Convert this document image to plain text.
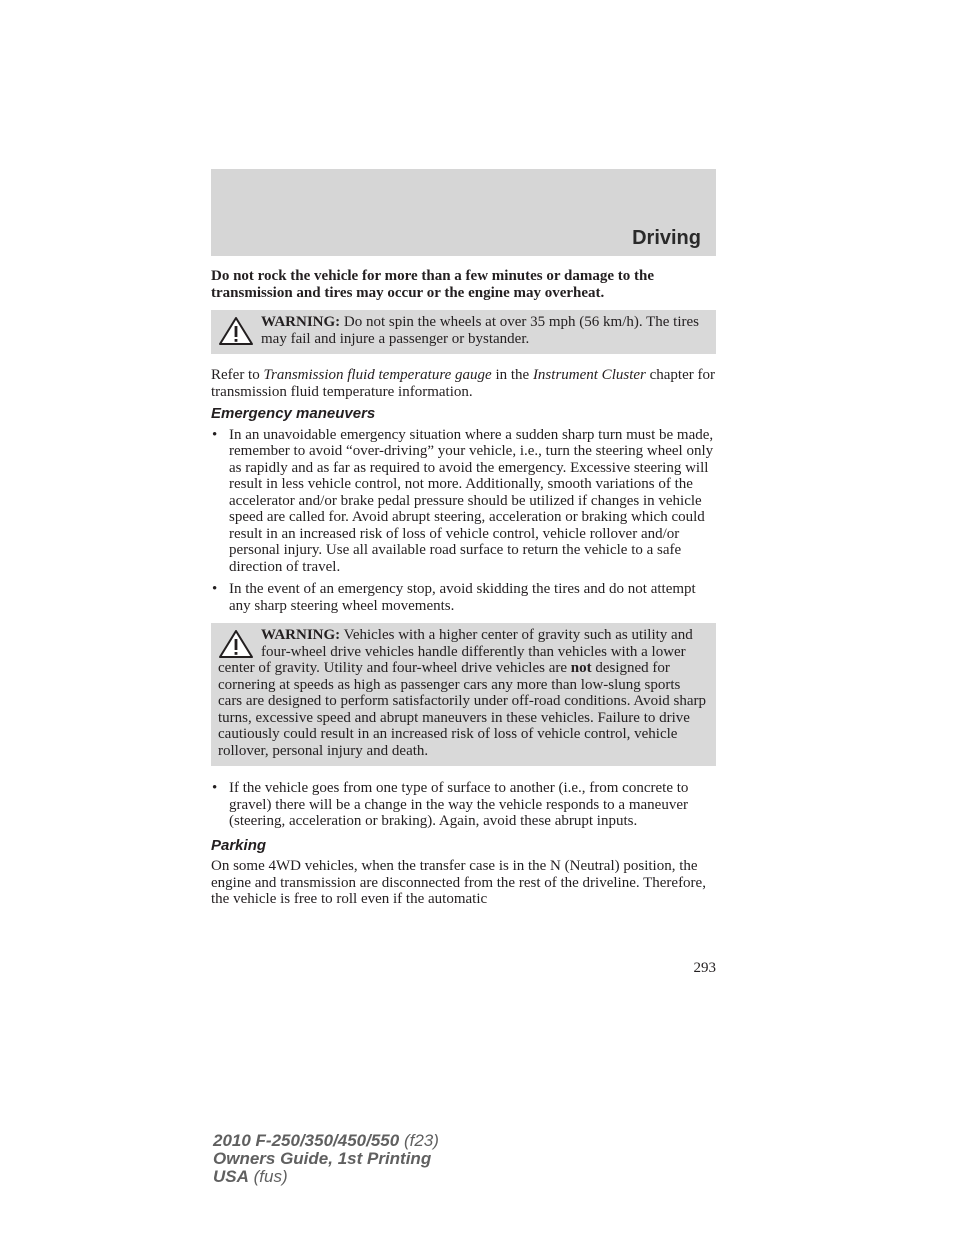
Driving

Do not rock the vehicle for more than a few minutes or damage to the transmission and tires may occur or the engine may overheat.

WARNING: Do not spin the wheels at over 35 mph (56 km/h). The tires may fail and injure a passenger or bystander.

Refer to Transmission fluid temperature gauge in the Instrument Cluster chapter for transmission fluid temperature information.

Emergency maneuvers
• In an unavoidable emergency situation where a sudden sharp turn must be made, remember to avoid “over-driving” your vehicle, i.e., turn the steering wheel only as rapidly and as far as required to avoid the emergency. Excessive steering will result in less vehicle control, not more. Additionally, smooth variations of the accelerator and/or brake pedal pressure should be utilized if changes in vehicle speed are called for. Avoid abrupt steering, acceleration or braking which could result in an increased risk of loss of vehicle control, vehicle rollover and/or personal injury. Use all available road surface to return the vehicle to a safe direction of travel.
• In the event of an emergency stop, avoid skidding the tires and do not attempt any sharp steering wheel movements.
WARNING: Vehicles with a higher center of gravity such as utility and four-wheel drive vehicles handle differently than vehicles with a lower center of gravity. Utility and four-wheel drive vehicles are not designed for cornering at speeds as high as passenger cars any more than low-slung sports cars are designed to perform satisfactorily under off-road conditions. Avoid sharp turns, excessive speed and abrupt maneuvers in these vehicles. Failure to drive cautiously could result in an increased risk of loss of vehicle control, vehicle rollover, personal injury and death.
• If the vehicle goes from one type of surface to another (i.e., from concrete to gravel) there will be a change in the way the vehicle responds to a maneuver (steering, acceleration or braking). Again, avoid these abrupt inputs.
Parking

On some 4WD vehicles, when the transfer case is in the N (Neutral) position, the engine and transmission are disconnected from the rest of the driveline. Therefore, the vehicle is free to roll even if the automatic

293
2010 F-250/350/450/550 (f23)
Owners Guide, 1st Printing
USA (fus)
